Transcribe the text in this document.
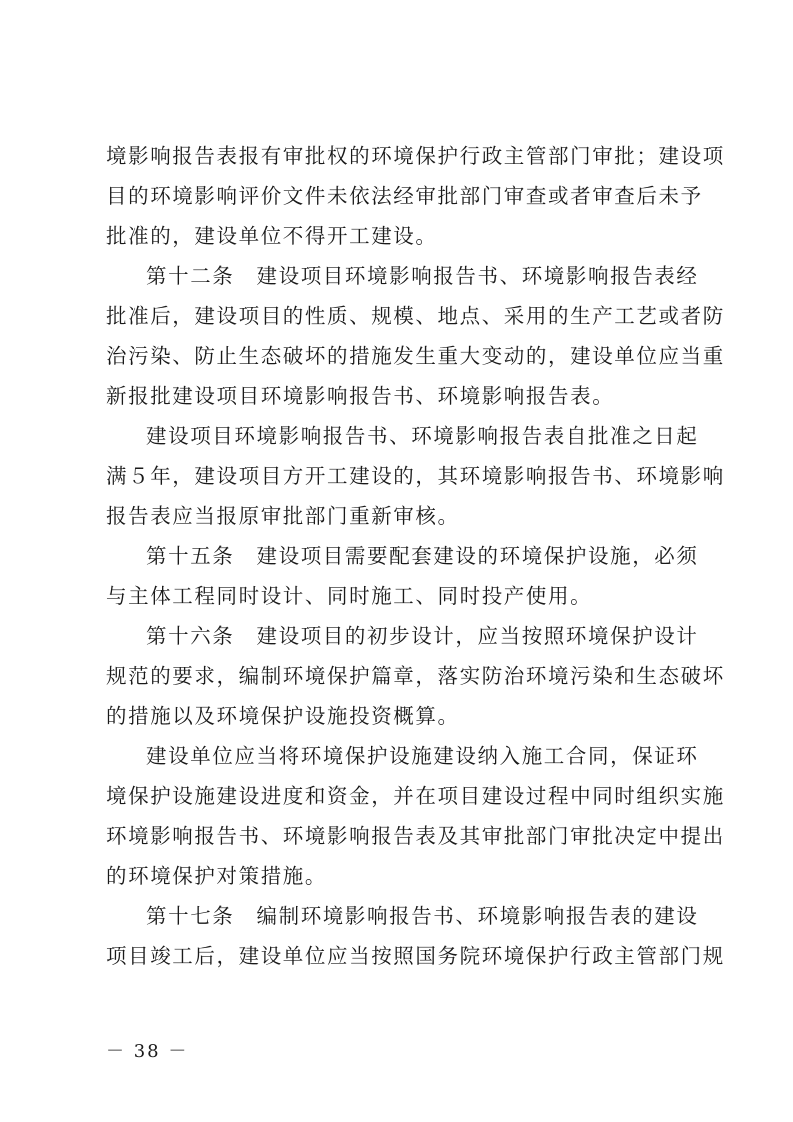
境影响报告表报有审批权的环境保护行政主管部门审批；建设项
目的环境影响评价文件未依法经审批部门审查或者审查后未予
批准的，建设单位不得开工建设。
第十二条　建设项目环境影响报告书、环境影响报告表经
批准后，建设项目的性质、规模、地点、采用的生产工艺或者防
治污染、防止生态破坏的措施发生重大变动的，建设单位应当重
新报批建设项目环境影响报告书、环境影响报告表。
建设项目环境影响报告书、环境影响报告表自批准之日起
满５年，建设项目方开工建设的，其环境影响报告书、环境影响
报告表应当报原审批部门重新审核。
第十五条　建设项目需要配套建设的环境保护设施，必须
与主体工程同时设计、同时施工、同时投产使用。
第十六条　建设项目的初步设计，应当按照环境保护设计
规范的要求，编制环境保护篇章，落实防治环境污染和生态破坏
的措施以及环境保护设施投资概算。
建设单位应当将环境保护设施建设纳入施工合同，保证环
境保护设施建设进度和资金，并在项目建设过程中同时组织实施
环境影响报告书、环境影响报告表及其审批部门审批决定中提出
的环境保护对策措施。
第十七条　编制环境影响报告书、环境影响报告表的建设
项目竣工后，建设单位应当按照国务院环境保护行政主管部门规
－ 38 －
